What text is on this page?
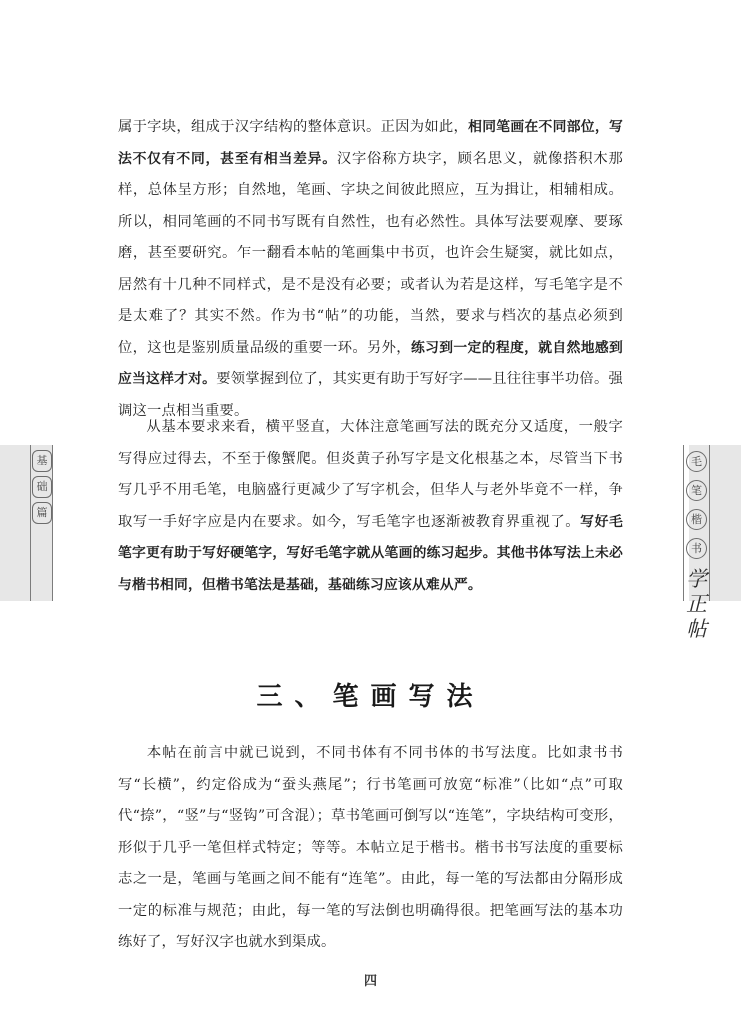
基
础
篇
毛
笔
楷
书
学
正
帖

属于字块，组成于汉字结构的整体意识。正因为如此，相同笔画在不同部位，写法不仅有不同，甚至有相当差异。汉字俗称方块字，顾名思义，就像搭积木那样，总体呈方形；自然地，笔画、字块之间彼此照应，互为揖让，相辅相成。所以，相同笔画的不同书写既有自然性，也有必然性。具体写法要观摩、要琢磨，甚至要研究。乍一翻看本帖的笔画集中书页，也许会生疑窦，就比如点，居然有十几种不同样式，是不是没有必要；或者认为若是这样，写毛笔字是不是太难了？其实不然。作为书“帖”的功能，当然，要求与档次的基点必须到位，这也是鉴别质量品级的重要一环。另外，练习到一定的程度，就自然地感到应当这样才对。要领掌握到位了，其实更有助于写好字——且往往事半功倍。强调这一点相当重要。

从基本要求来看，横平竖直，大体注意笔画写法的既充分又适度，一般字写得应过得去，不至于像蟹爬。但炎黄子孙写字是文化根基之本，尽管当下书写几乎不用毛笔，电脑盛行更减少了写字机会，但华人与老外毕竟不一样，争取写一手好字应是内在要求。如今，写毛笔字也逐渐被教育界重视了。写好毛笔字更有助于写好硬笔字，写好毛笔字就从笔画的练习起步。其他书体写法上未必与楷书相同，但楷书笔法是基础，基础练习应该从难从严。

三、笔画写法

本帖在前言中就已说到，不同书体有不同书体的书写法度。比如隶书书写“长横”，约定俗成为“蚕头燕尾”；行书笔画可放宽“标准”（比如“点”可取代“捺”，“竖”与“竖钩”可含混）；草书笔画可倒写以“连笔”，字块结构可变形，形似于几乎一笔但样式特定；等等。本帖立足于楷书。楷书书写法度的重要标志之一是，笔画与笔画之间不能有“连笔”。由此，每一笔的写法都由分隔形成一定的标准与规范；由此，每一笔的写法倒也明确得很。把笔画写法的基本功练好了，写好汉字也就水到渠成。

四
